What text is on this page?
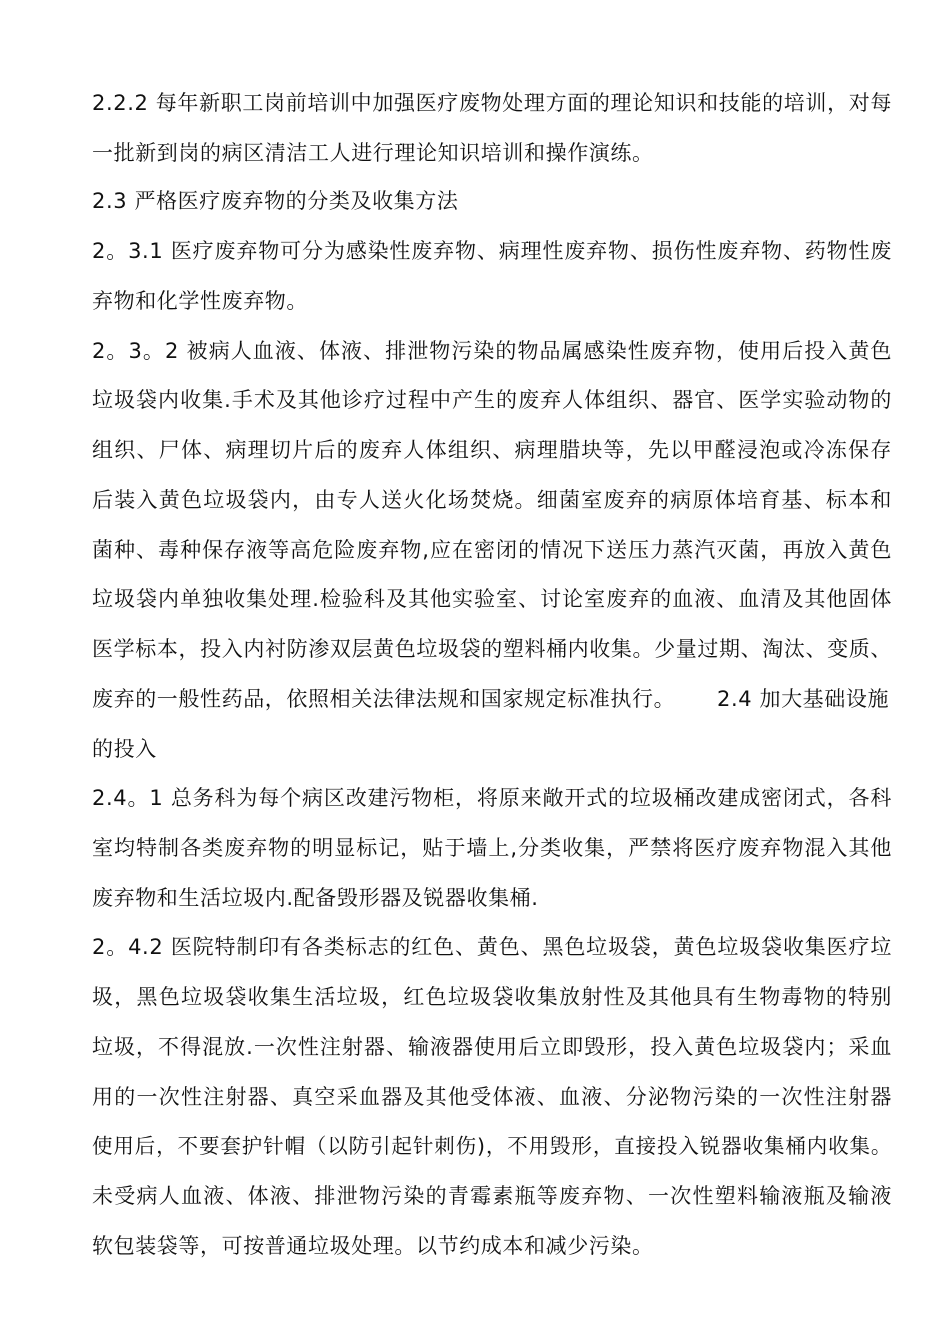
2.2.2 每年新职工岗前培训中加强医疗废物处理方面的理论知识和技能的培训，对每
一批新到岗的病区清洁工人进行理论知识培训和操作演练。
2.3 严格医疗废弃物的分类及收集方法
2。3.1 医疗废弃物可分为感染性废弃物、病理性废弃物、损伤性废弃物、药物性废
弃物和化学性废弃物。
2。3。2 被病人血液、体液、排泄物污染的物品属感染性废弃物，使用后投入黄色
垃圾袋内收集.手术及其他诊疗过程中产生的废弃人体组织、器官、医学实验动物的
组织、尸体、病理切片后的废弃人体组织、病理腊块等，先以甲醛浸泡或冷冻保存
后装入黄色垃圾袋内，由专人送火化场焚烧。细菌室废弃的病原体培育基、标本和
菌种、毒种保存液等高危险废弃物,应在密闭的情况下送压力蒸汽灭菌，再放入黄色
垃圾袋内单独收集处理.检验科及其他实验室、讨论室废弃的血液、血清及其他固体
医学标本，投入内衬防渗双层黄色垃圾袋的塑料桶内收集。少量过期、淘汰、变质、
废弃的一般性药品，依照相关法律法规和国家规定标准执行。 2.4 加大基础设施
的投入
2.4。1 总务科为每个病区改建污物柜，将原来敞开式的垃圾桶改建成密闭式，各科
室均特制各类废弃物的明显标记，贴于墙上,分类收集，严禁将医疗废弃物混入其他
废弃物和生活垃圾内.配备毁形器及锐器收集桶.
2。4.2 医院特制印有各类标志的红色、黄色、黑色垃圾袋，黄色垃圾袋收集医疗垃
圾，黑色垃圾袋收集生活垃圾，红色垃圾袋收集放射性及其他具有生物毒物的特别
垃圾，不得混放.一次性注射器、输液器使用后立即毁形，投入黄色垃圾袋内；采血
用的一次性注射器、真空采血器及其他受体液、血液、分泌物污染的一次性注射器
使用后，不要套护针帽（以防引起针刺伤)，不用毁形，直接投入锐器收集桶内收集。
未受病人血液、体液、排泄物污染的青霉素瓶等废弃物、一次性塑料输液瓶及输液
软包装袋等，可按普通垃圾处理。以节约成本和减少污染。
